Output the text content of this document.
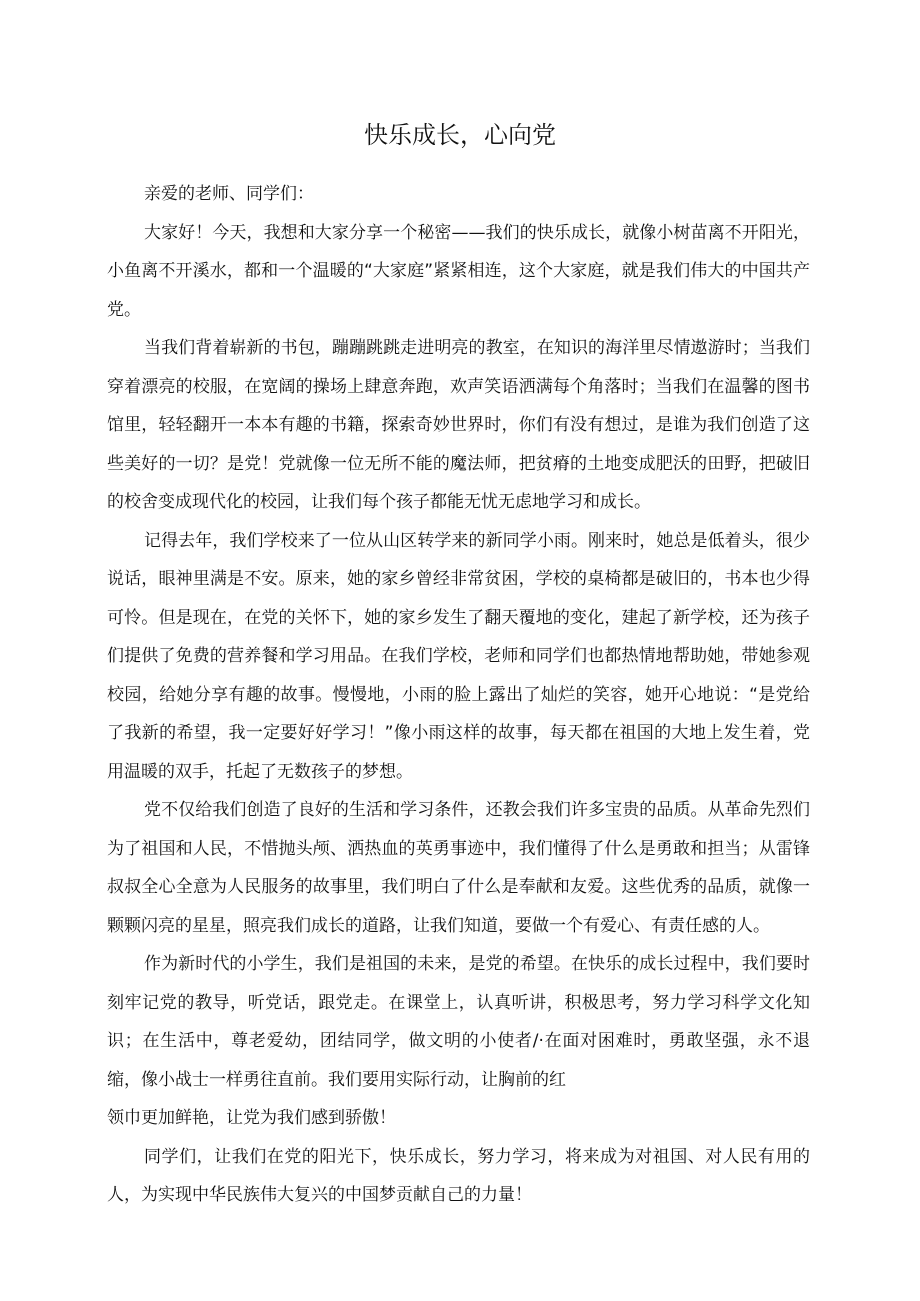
快乐成长，心向党

亲爱的老师、同学们：

大家好！今天，我想和大家分享一个秘密——我们的快乐成长，就像小树苗离不开阳光，小鱼离不开溪水，都和一个温暖的“大家庭”紧紧相连，这个大家庭，就是我们伟大的中国共产党。

当我们背着崭新的书包，蹦蹦跳跳走进明亮的教室，在知识的海洋里尽情遨游时；当我们穿着漂亮的校服，在宽阔的操场上肆意奔跑，欢声笑语洒满每个角落时；当我们在温馨的图书馆里，轻轻翻开一本本有趣的书籍，探索奇妙世界时，你们有没有想过，是谁为我们创造了这些美好的一切？是党！党就像一位无所不能的魔法师，把贫瘠的土地变成肥沃的田野，把破旧的校舍变成现代化的校园，让我们每个孩子都能无忧无虑地学习和成长。

记得去年，我们学校来了一位从山区转学来的新同学小雨。刚来时，她总是低着头，很少说话，眼神里满是不安。原来，她的家乡曾经非常贫困，学校的桌椅都是破旧的，书本也少得可怜。但是现在，在党的关怀下，她的家乡发生了翻天覆地的变化，建起了新学校，还为孩子们提供了免费的营养餐和学习用品。在我们学校，老师和同学们也都热情地帮助她，带她参观校园，给她分享有趣的故事。慢慢地，小雨的脸上露出了灿烂的笑容，她开心地说：“是党给了我新的希望，我一定要好好学习！”像小雨这样的故事，每天都在祖国的大地上发生着，党用温暖的双手，托起了无数孩子的梦想。

党不仅给我们创造了良好的生活和学习条件，还教会我们许多宝贵的品质。从革命先烈们为了祖国和人民，不惜抛头颅、洒热血的英勇事迹中，我们懂得了什么是勇敢和担当；从雷锋叔叔全心全意为人民服务的故事里，我们明白了什么是奉献和友爱。这些优秀的品质，就像一颗颗闪亮的星星，照亮我们成长的道路，让我们知道，要做一个有爱心、有责任感的人。

作为新时代的小学生，我们是祖国的未来，是党的希望。在快乐的成长过程中，我们要时刻牢记党的教导，听党话，跟党走。在课堂上，认真听讲，积极思考，努力学习科学文化知识；在生活中，尊老爱幼，团结同学，做文明的小使者/·在面对困难时，勇敢坚强，永不退缩，像小战士一样勇往直前。我们要用实际行动，让胸前的红

领巾更加鲜艳，让党为我们感到骄傲！

同学们，让我们在党的阳光下，快乐成长，努力学习，将来成为对祖国、对人民有用的人，为实现中华民族伟大复兴的中国梦贡献自己的力量！
